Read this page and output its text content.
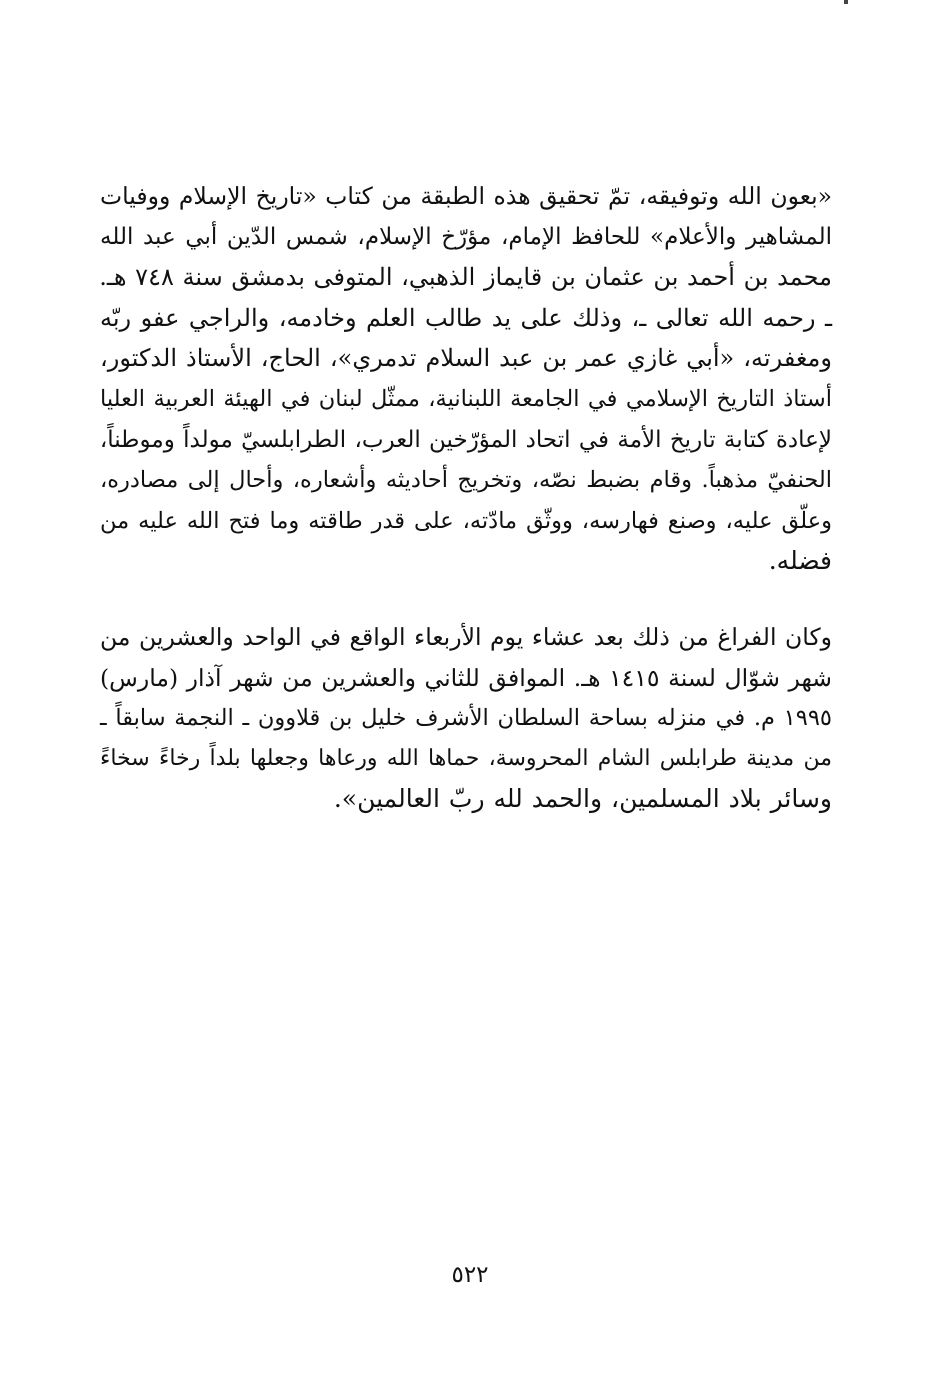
«بعون الله وتوفيقه، تمّ تحقيق هذه الطبقة من كتاب «تاريخ الإسلام ووفيات
المشاهير والأعلام» للحافظ الإمام، مؤرّخ الإسلام، شمس الدّين أبي عبد الله
محمد بن أحمد بن عثمان بن قايماز الذهبي، المتوفى بدمشق سنة ٧٤٨ هـ.
ـ رحمه الله تعالى ـ، وذلك على يد طالب العلم وخادمه، والراجي عفو ربّه
ومغفرته، «أبي غازي عمر بن عبد السلام تدمري»، الحاج، الأستاذ الدكتور،
أستاذ التاريخ الإسلامي في الجامعة اللبنانية، ممثّل لبنان في الهيئة العربية العليا
لإعادة كتابة تاريخ الأمة في اتحاد المؤرّخين العرب، الطرابلسيّ مولداً وموطناً،
الحنفيّ مذهباً. وقام بضبط نصّه، وتخريج أحاديثه وأشعاره، وأحال إلى مصادره،
وعلّق عليه، وصنع فهارسه، ووثّق مادّته، على قدر طاقته وما فتح الله عليه من
فضله.
وكان الفراغ من ذلك بعد عشاء يوم الأربعاء الواقع في الواحد والعشرين من
شهر شوّال لسنة ١٤١٥ هـ. الموافق للثاني والعشرين من شهر آذار (مارس)
١٩٩٥ م. في منزله بساحة السلطان الأشرف خليل بن قلاوون ـ النجمة سابقاً ـ
من مدينة طرابلس الشام المحروسة، حماها الله ورعاها وجعلها بلداً رخاءً سخاءً
وسائر بلاد المسلمين، والحمد لله ربّ العالمين».
٥٢٢
